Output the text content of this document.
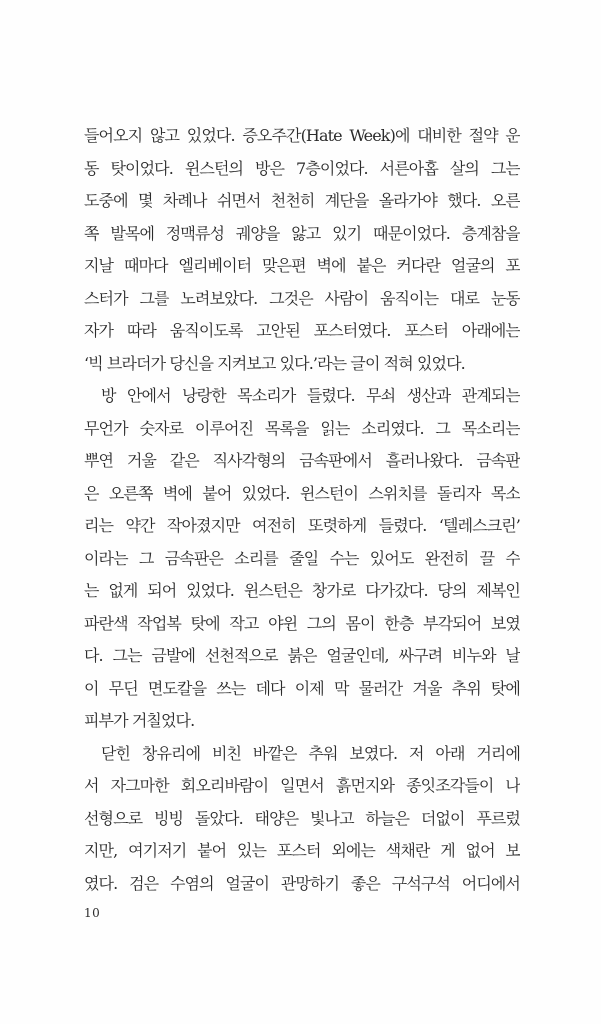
들어오지 않고 있었다. 증오주간(Hate Week)에 대비한 절약 운
동 탓이었다. 윈스턴의 방은 7층이었다. 서른아홉 살의 그는
도중에 몇 차례나 쉬면서 천천히 계단을 올라가야 했다. 오른
쪽 발목에 정맥류성 궤양을 앓고 있기 때문이었다. 층계참을
지날 때마다 엘리베이터 맞은편 벽에 붙은 커다란 얼굴의 포
스터가 그를 노려보았다. 그것은 사람이 움직이는 대로 눈동
자가 따라 움직이도록 고안된 포스터였다. 포스터 아래에는
‘빅 브라더가 당신을 지켜보고 있다.’라는 글이 적혀 있었다.
방 안에서 낭랑한 목소리가 들렸다. 무쇠 생산과 관계되는
무언가 숫자로 이루어진 목록을 읽는 소리였다. 그 목소리는
뿌연 거울 같은 직사각형의 금속판에서 흘러나왔다. 금속판
은 오른쪽 벽에 붙어 있었다. 윈스턴이 스위치를 돌리자 목소
리는 약간 작아졌지만 여전히 또렷하게 들렸다. ‘텔레스크린’
이라는 그 금속판은 소리를 줄일 수는 있어도 완전히 끌 수
는 없게 되어 있었다. 윈스턴은 창가로 다가갔다. 당의 제복인
파란색 작업복 탓에 작고 야윈 그의 몸이 한층 부각되어 보였
다. 그는 금발에 선천적으로 붉은 얼굴인데, 싸구려 비누와 날
이 무딘 면도칼을 쓰는 데다 이제 막 물러간 겨울 추위 탓에
피부가 거칠었다.
닫힌 창유리에 비친 바깥은 추워 보였다. 저 아래 거리에
서 자그마한 회오리바람이 일면서 흙먼지와 종잇조각들이 나
선형으로 빙빙 돌았다. 태양은 빛나고 하늘은 더없이 푸르렀
지만, 여기저기 붙어 있는 포스터 외에는 색채란 게 없어 보
였다. 검은 수염의 얼굴이 관망하기 좋은 구석구석 어디에서
10
